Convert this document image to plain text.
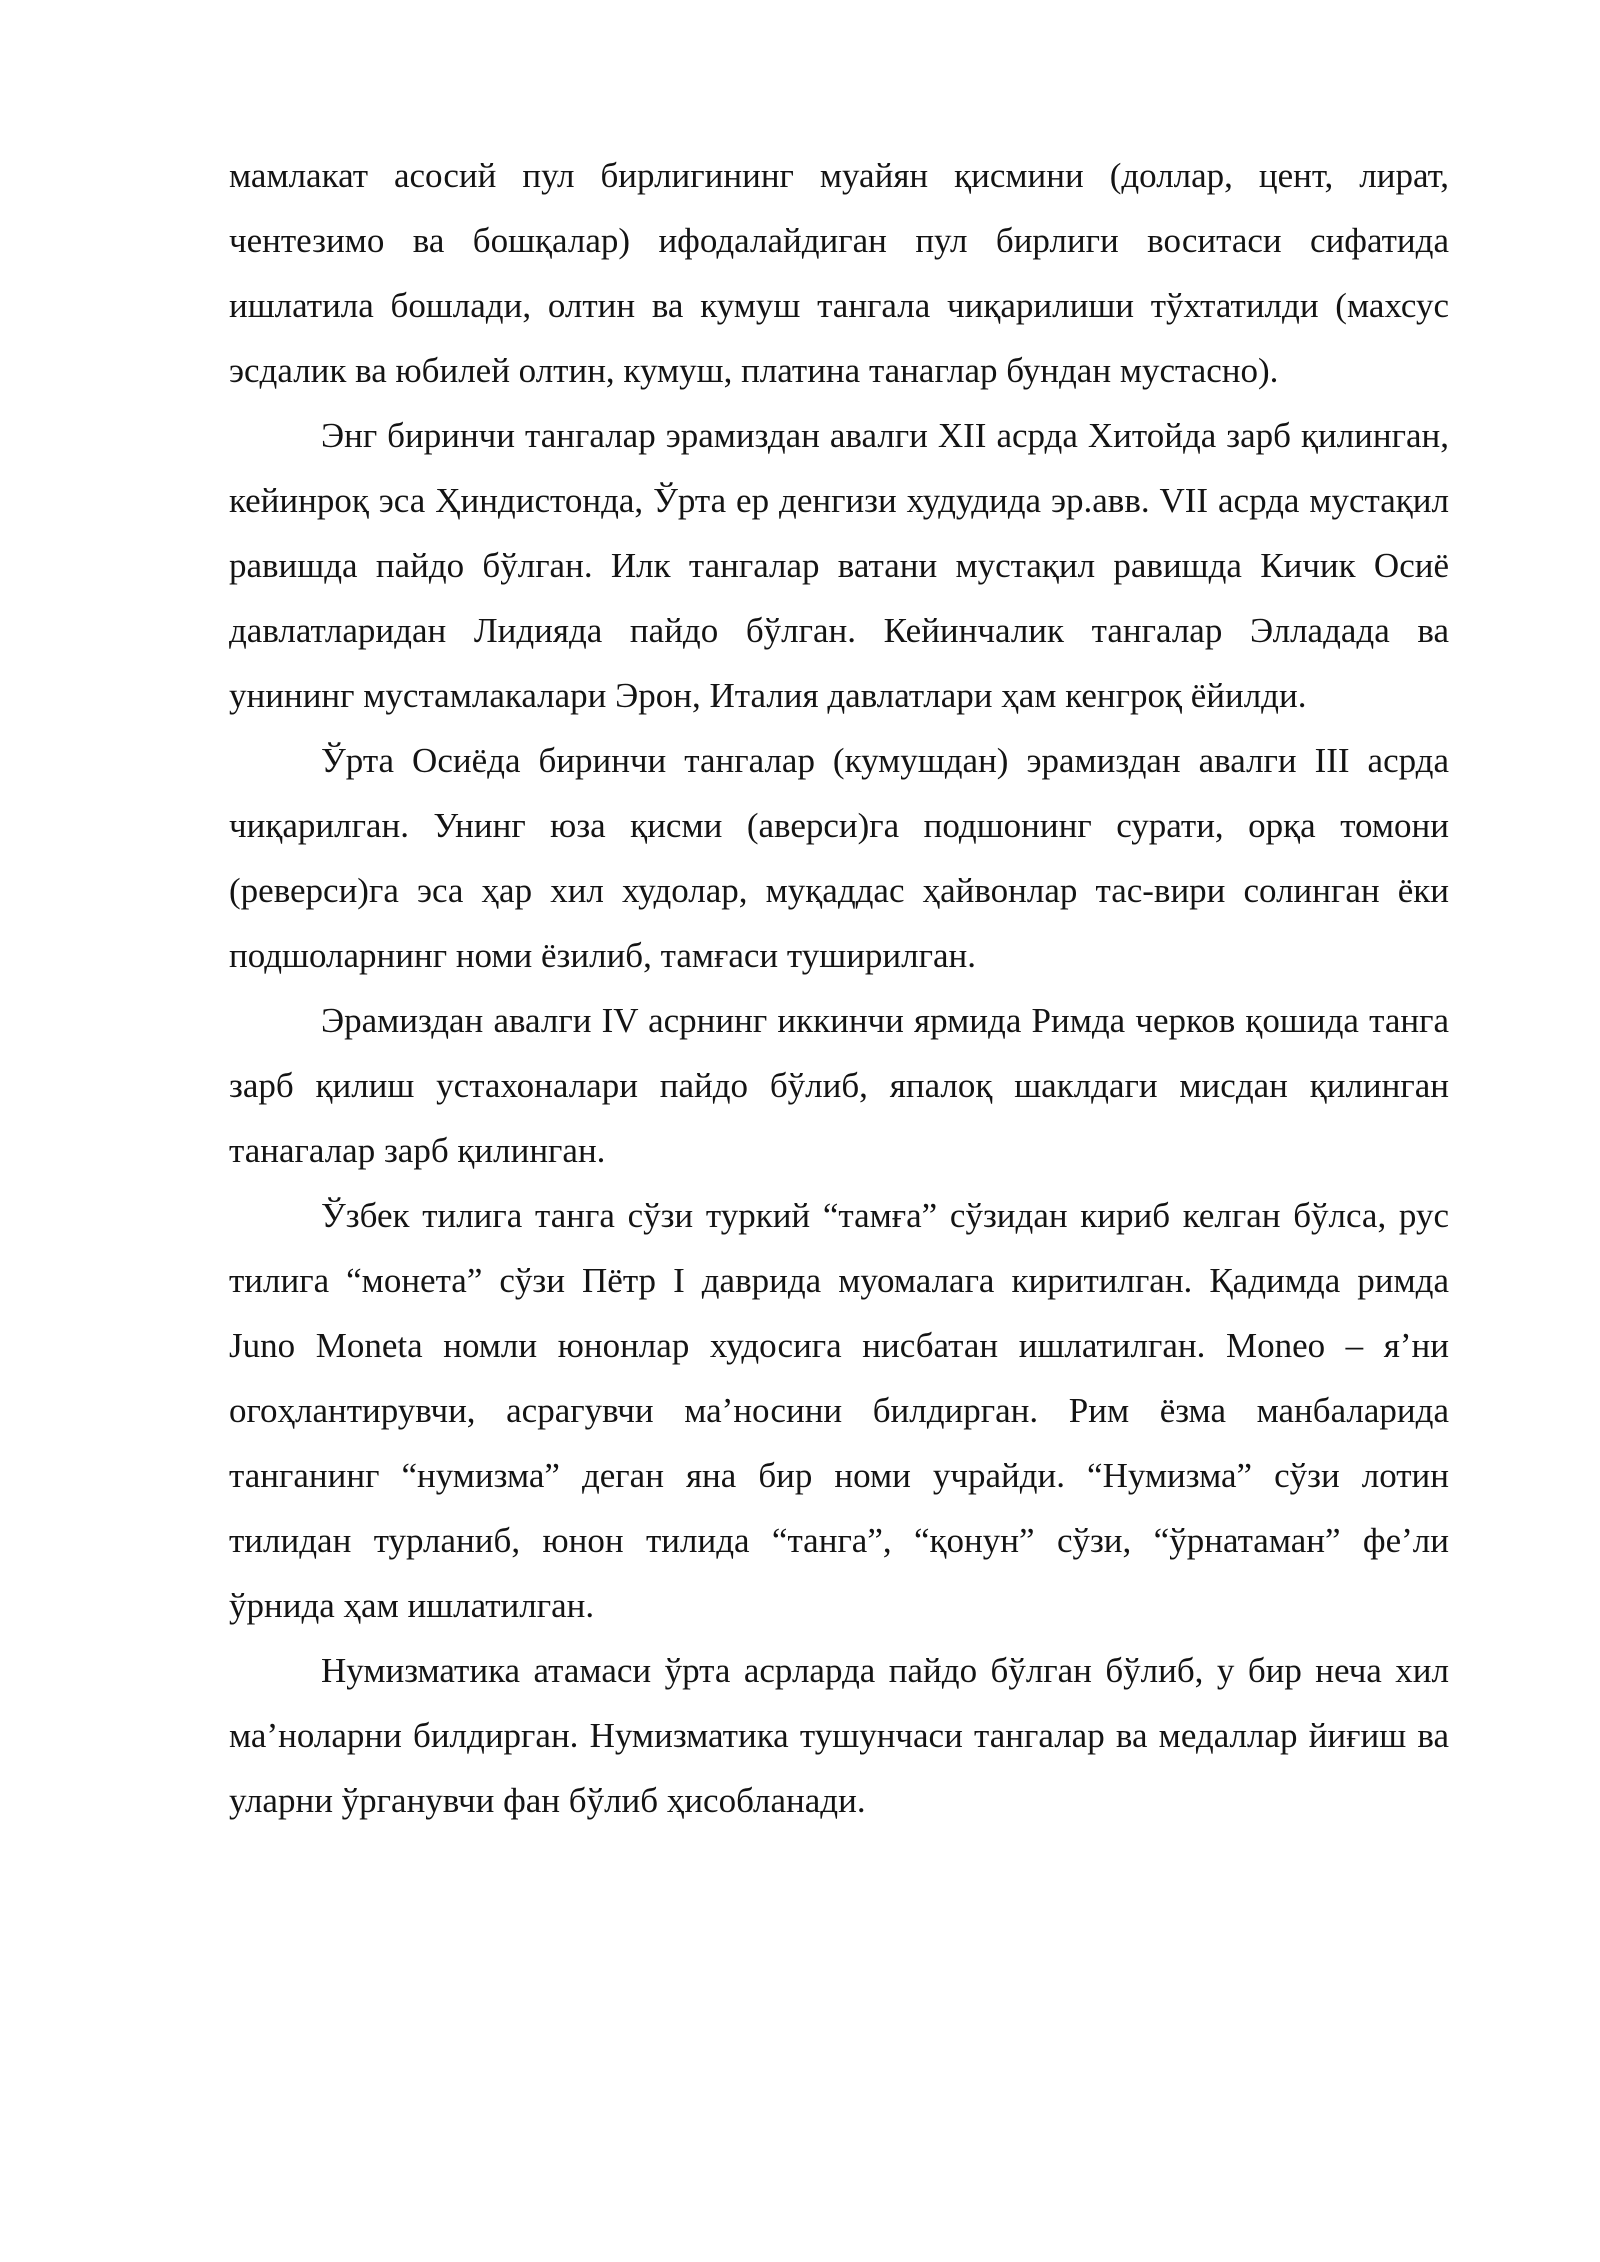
мамлакат асосий пул бирлигининг муайян қисмини (доллар, цент, лират, чентезимо ва бошқалар) ифодалайдиган пул бирлиги воситаси сифатида ишлатила бошлади, олтин ва кумуш тангала чиқарилиши тўхтатилди (махсус эсдалик ва юбилей олтин, кумуш, платина танаглар бундан мустасно).

Энг биринчи тангалар эрамиздан авалги XII асрда Хитойда зарб қилинган, кейинроқ эса Ҳиндистонда, Ўрта ер денгизи худудида эр.авв. VII асрда мустақил равишда пайдо бўлган. Илк тангалар ватани мустақил равишда Кичик Осиё давлатларидан Лидияда пайдо бўлган. Кейинчалик тангалар Элладада ва унининг мустамлакалари Эрон, Италия давлатлари ҳам кенгроқ ёйилди.

Ўрта Осиёда биринчи тангалар (кумушдан) эрамиздан авалги III асрда чиқарилган. Унинг юза қисми (аверси)га подшонинг сурати, орқа томони (реверси)га эса ҳар хил худолар, муқаддас ҳайвонлар тас-вири солинган ёки подшоларнинг номи ёзилиб, тамғаси туширилган.

Эрамиздан авалги IV асрнинг иккинчи ярмида Римда черков қошида танга зарб қилиш устахоналари пайдо бўлиб, япалоқ шаклдаги мисдан қилинган танагалар зарб қилинган.

Ўзбек тилига танга сўзи туркий “тамға” сўзидан кириб келган бўлса, рус тилига “монета” сўзи Пётр I даврида муомалага киритилган. Қадимда римда Juno Moneta номли юнонлар худосига нисбатан ишлатилган. Moneo – я’ни огоҳлантирувчи, асрагувчи ма’носини билдирган. Рим ёзма манбаларида танганинг “нумизма” деган яна бир номи учрайди. “Нумизма” сўзи лотин тилидан турланиб, юнон тилида “танга”, “қонун” сўзи, “ўрнатаман” фе’ли ўрнида ҳам ишлатилган.

Нумизматика атамаси ўрта асрларда пайдо бўлган бўлиб, у бир неча хил ма’ноларни билдирган. Нумизматика тушунчаси тангалар ва медаллар йиғиш ва уларни ўрганувчи фан бўлиб ҳисобланади.
